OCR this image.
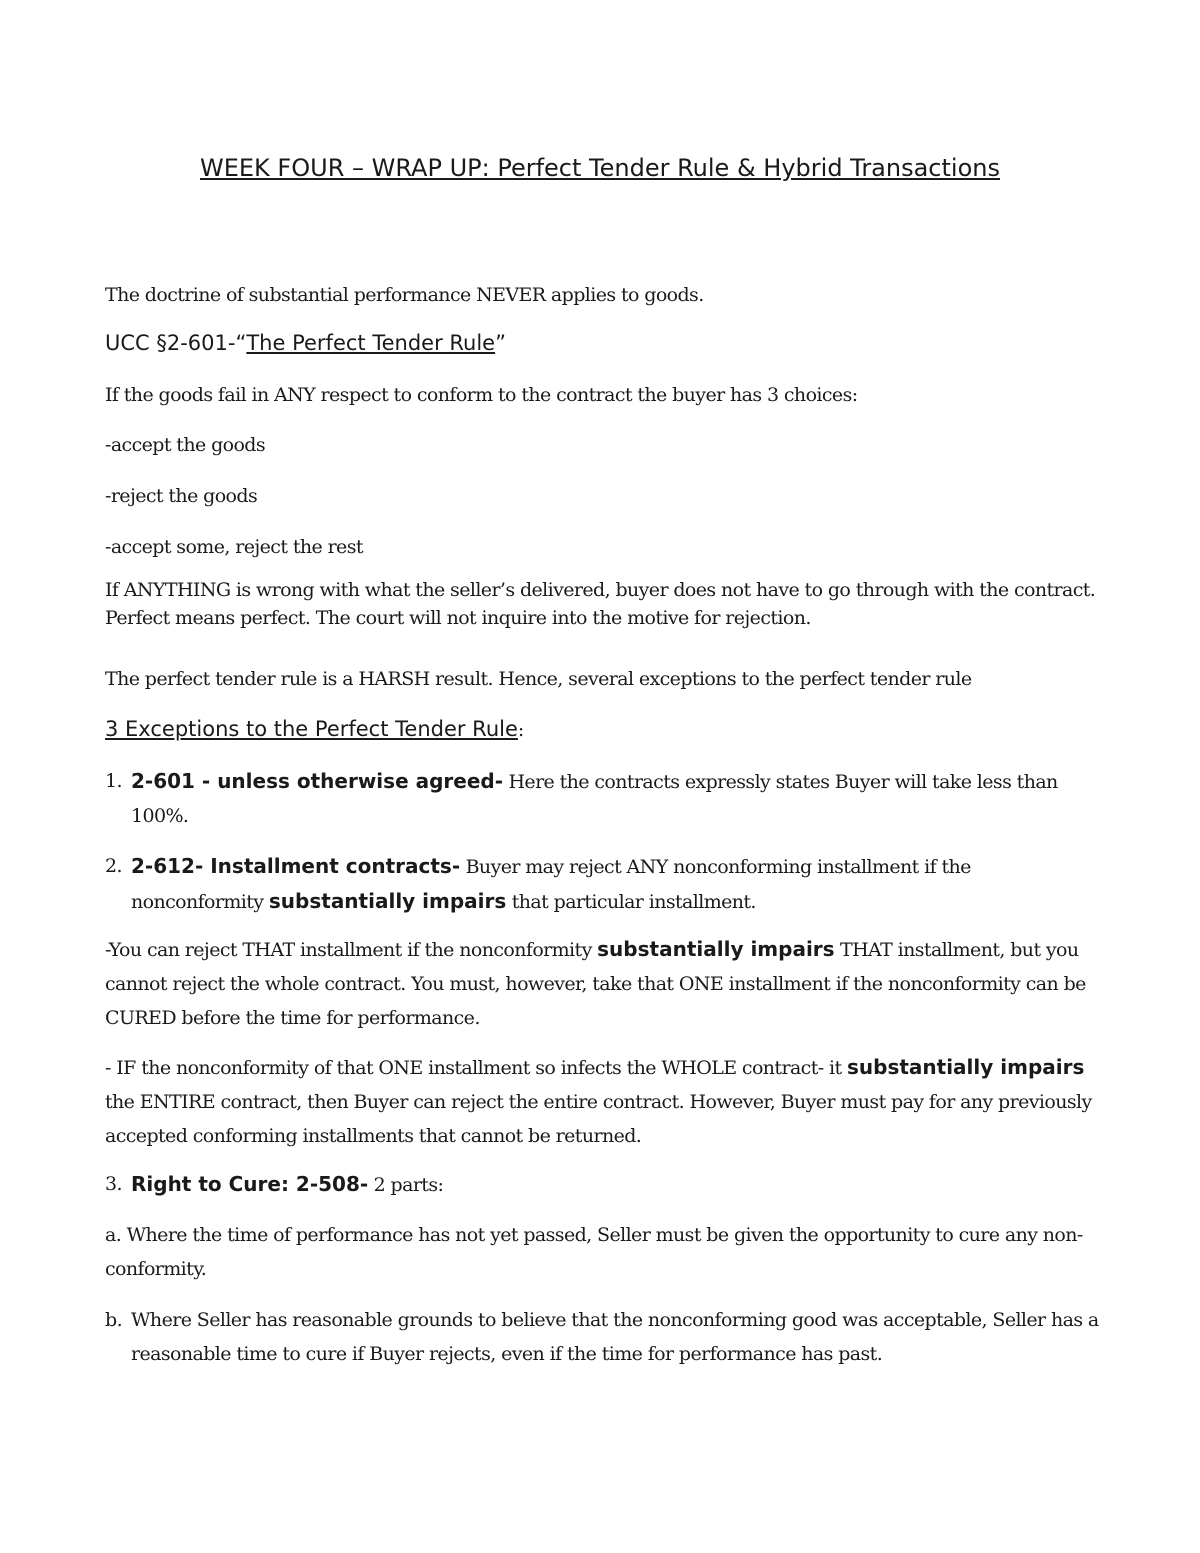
WEEK FOUR – WRAP UP: Perfect Tender Rule & Hybrid Transactions

The doctrine of substantial performance NEVER applies to goods.

UCC §2-601-“The Perfect Tender Rule”

If the goods fail in ANY respect to conform to the contract the buyer has 3 choices:

-accept the goods

-reject the goods

-accept some, reject the rest

If ANYTHING is wrong with what the seller’s delivered, buyer does not have to go through with the contract. Perfect means perfect. The court will not inquire into the motive for rejection.

The perfect tender rule is a HARSH result. Hence, several exceptions to the perfect tender rule

3 Exceptions to the Perfect Tender Rule:

1. 2-601 - unless otherwise agreed- Here the contracts expressly states Buyer will take less than 100%.

2. 2-612- Installment contracts- Buyer may reject ANY nonconforming installment if the nonconformity substantially impairs that particular installment.

-You can reject THAT installment if the nonconformity substantially impairs THAT installment, but you cannot reject the whole contract. You must, however, take that ONE installment if the nonconformity can be CURED before the time for performance.

- IF the nonconformity of that ONE installment so infects the WHOLE contract- it substantially impairs the ENTIRE contract, then Buyer can reject the entire contract. However, Buyer must pay for any previously accepted conforming installments that cannot be returned.

3. Right to Cure: 2-508- 2 parts:

a. Where the time of performance has not yet passed, Seller must be given the opportunity to cure any non-conformity.

b. Where Seller has reasonable grounds to believe that the nonconforming good was acceptable, Seller has a reasonable time to cure if Buyer rejects, even if the time for performance has past.
